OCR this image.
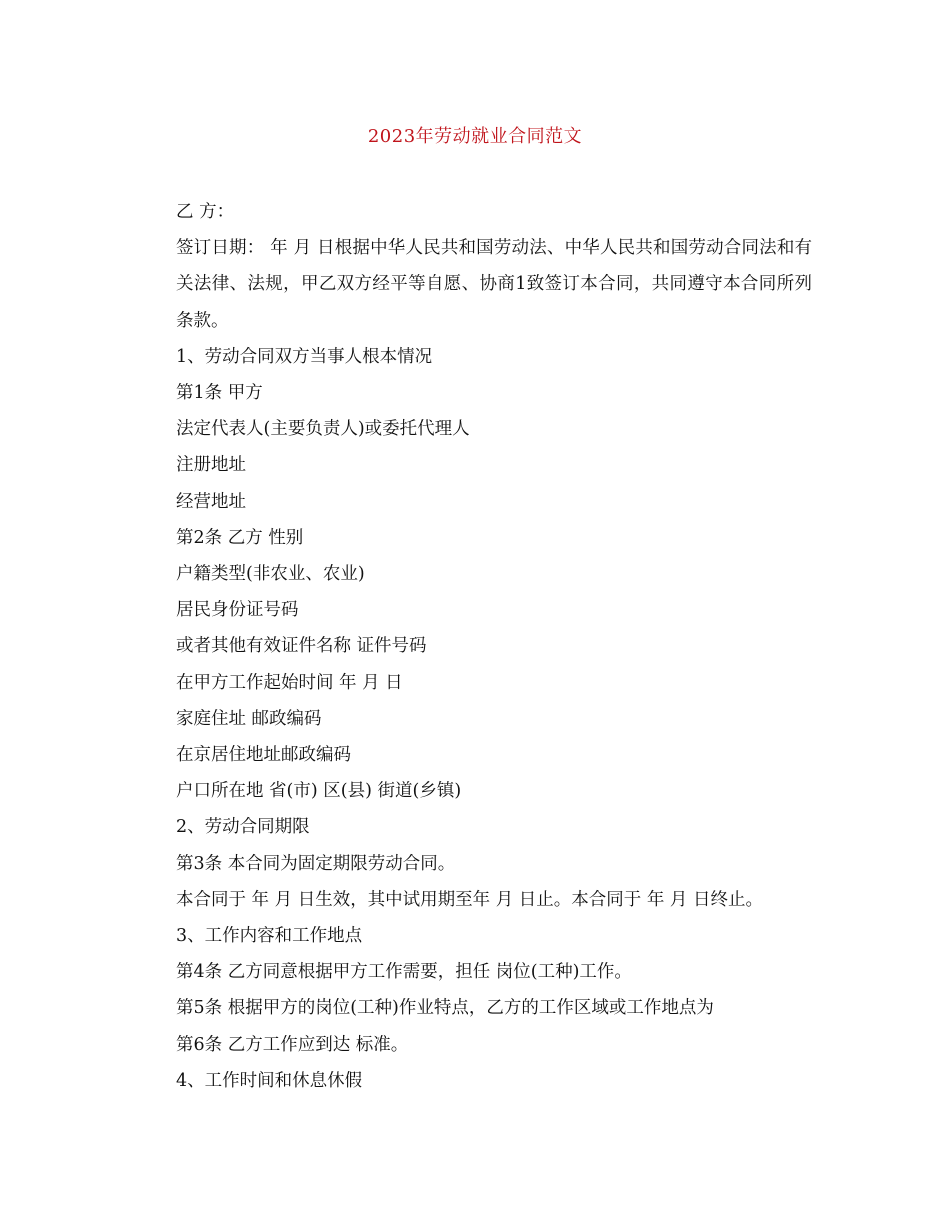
2023年劳动就业合同范文

乙 方：

签订日期： 年 月 日根据中华人民共和国劳动法、中华人民共和国劳动合同法和有关法律、法规，甲乙双方经平等自愿、协商1致签订本合同，共同遵守本合同所列条款。

1、劳动合同双方当事人根本情况

第1条 甲方

法定代表人(主要负责人)或委托代理人

注册地址

经营地址

第2条 乙方 性别

户籍类型(非农业、农业)

居民身份证号码

或者其他有效证件名称 证件号码

在甲方工作起始时间 年 月 日

家庭住址 邮政编码

在京居住地址邮政编码

户口所在地 省(市) 区(县) 街道(乡镇)

2、劳动合同期限

第3条 本合同为固定期限劳动合同。

本合同于 年 月 日生效，其中试用期至年 月 日止。本合同于 年 月 日终止。

3、工作内容和工作地点

第4条 乙方同意根据甲方工作需要，担任 岗位(工种)工作。

第5条 根据甲方的岗位(工种)作业特点，乙方的工作区域或工作地点为

第6条 乙方工作应到达 标准。

4、工作时间和休息休假
